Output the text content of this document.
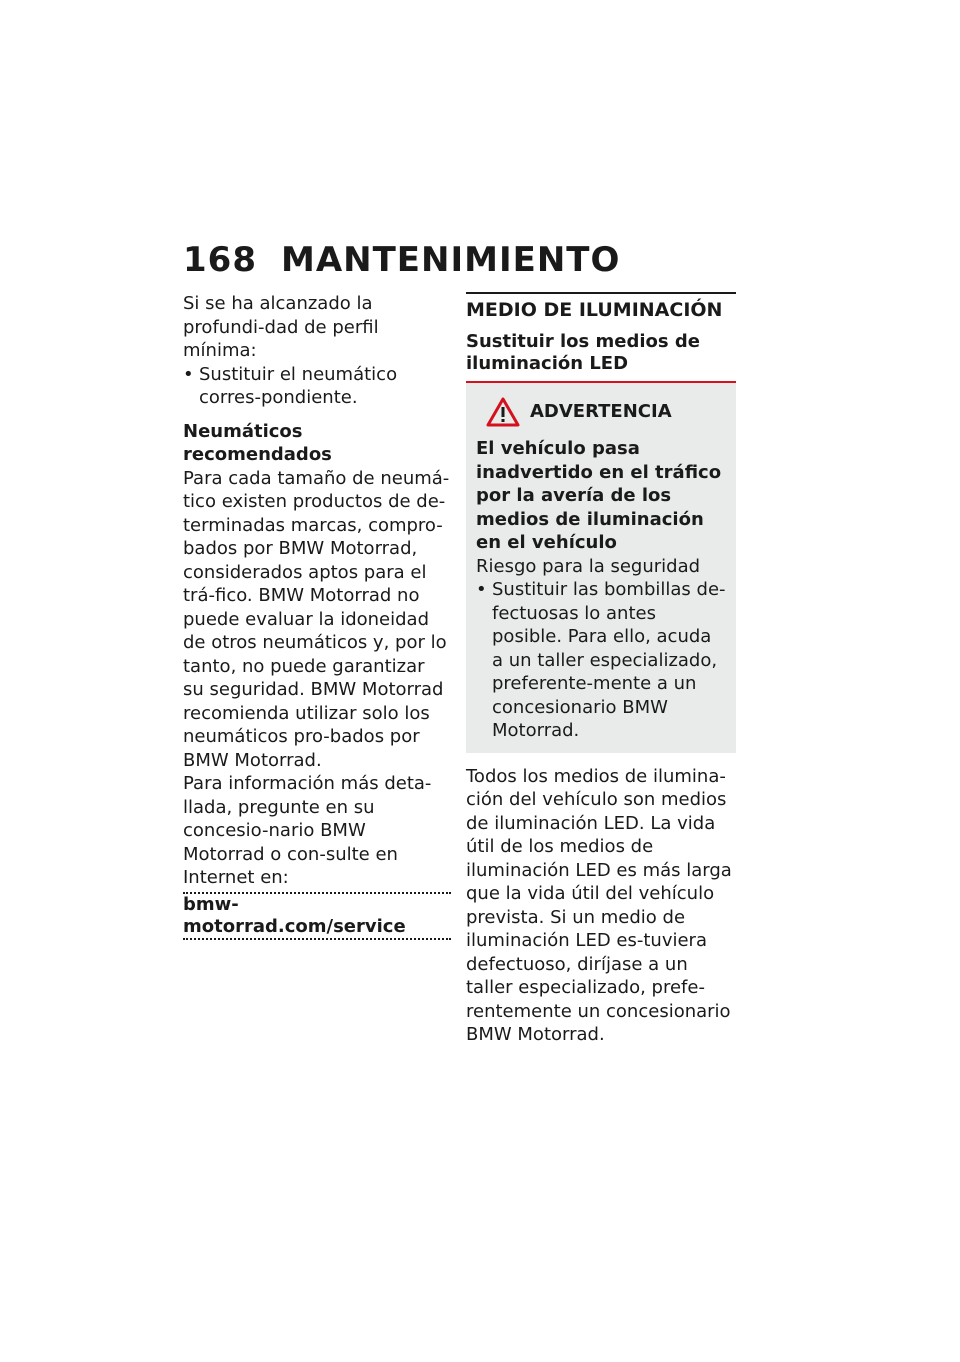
168 MANTENIMIENTO

Si se ha alcanzado la profundi-dad de perfil mínima:

• Sustituir el neumático corres-pondiente.

Neumáticos recomendados

Para cada tamaño de neumá-tico existen productos de de-terminadas marcas, compro-bados por BMW Motorrad, considerados aptos para el trá-fico. BMW Motorrad no puede evaluar la idoneidad de otros neumáticos y, por lo tanto, no puede garantizar su seguridad. BMW Motorrad recomienda utilizar solo los neumáticos pro-bados por BMW Motorrad.

Para información más deta-llada, pregunte en su concesio-nario BMW Motorrad o con-sulte en Internet en:

bmw-motorrad.com/service
MEDIO DE ILUMINACIÓN
Sustituir los medios de iluminación LED
ADVERTENCIA

El vehículo pasa inadvertido en el tráfico por la avería de los medios de iluminación en el vehículo

Riesgo para la seguridad

• Sustituir las bombillas de-fectuosas lo antes posible. Para ello, acuda a un taller especializado, preferente-mente a un concesionario BMW Motorrad.

Todos los medios de ilumina-ción del vehículo son medios de iluminación LED. La vida útil de los medios de iluminación LED es más larga que la vida útil del vehículo prevista. Si un medio de iluminación LED es-tuviera defectuoso, diríjase a un taller especializado, prefe-rentemente un concesionario BMW Motorrad.
